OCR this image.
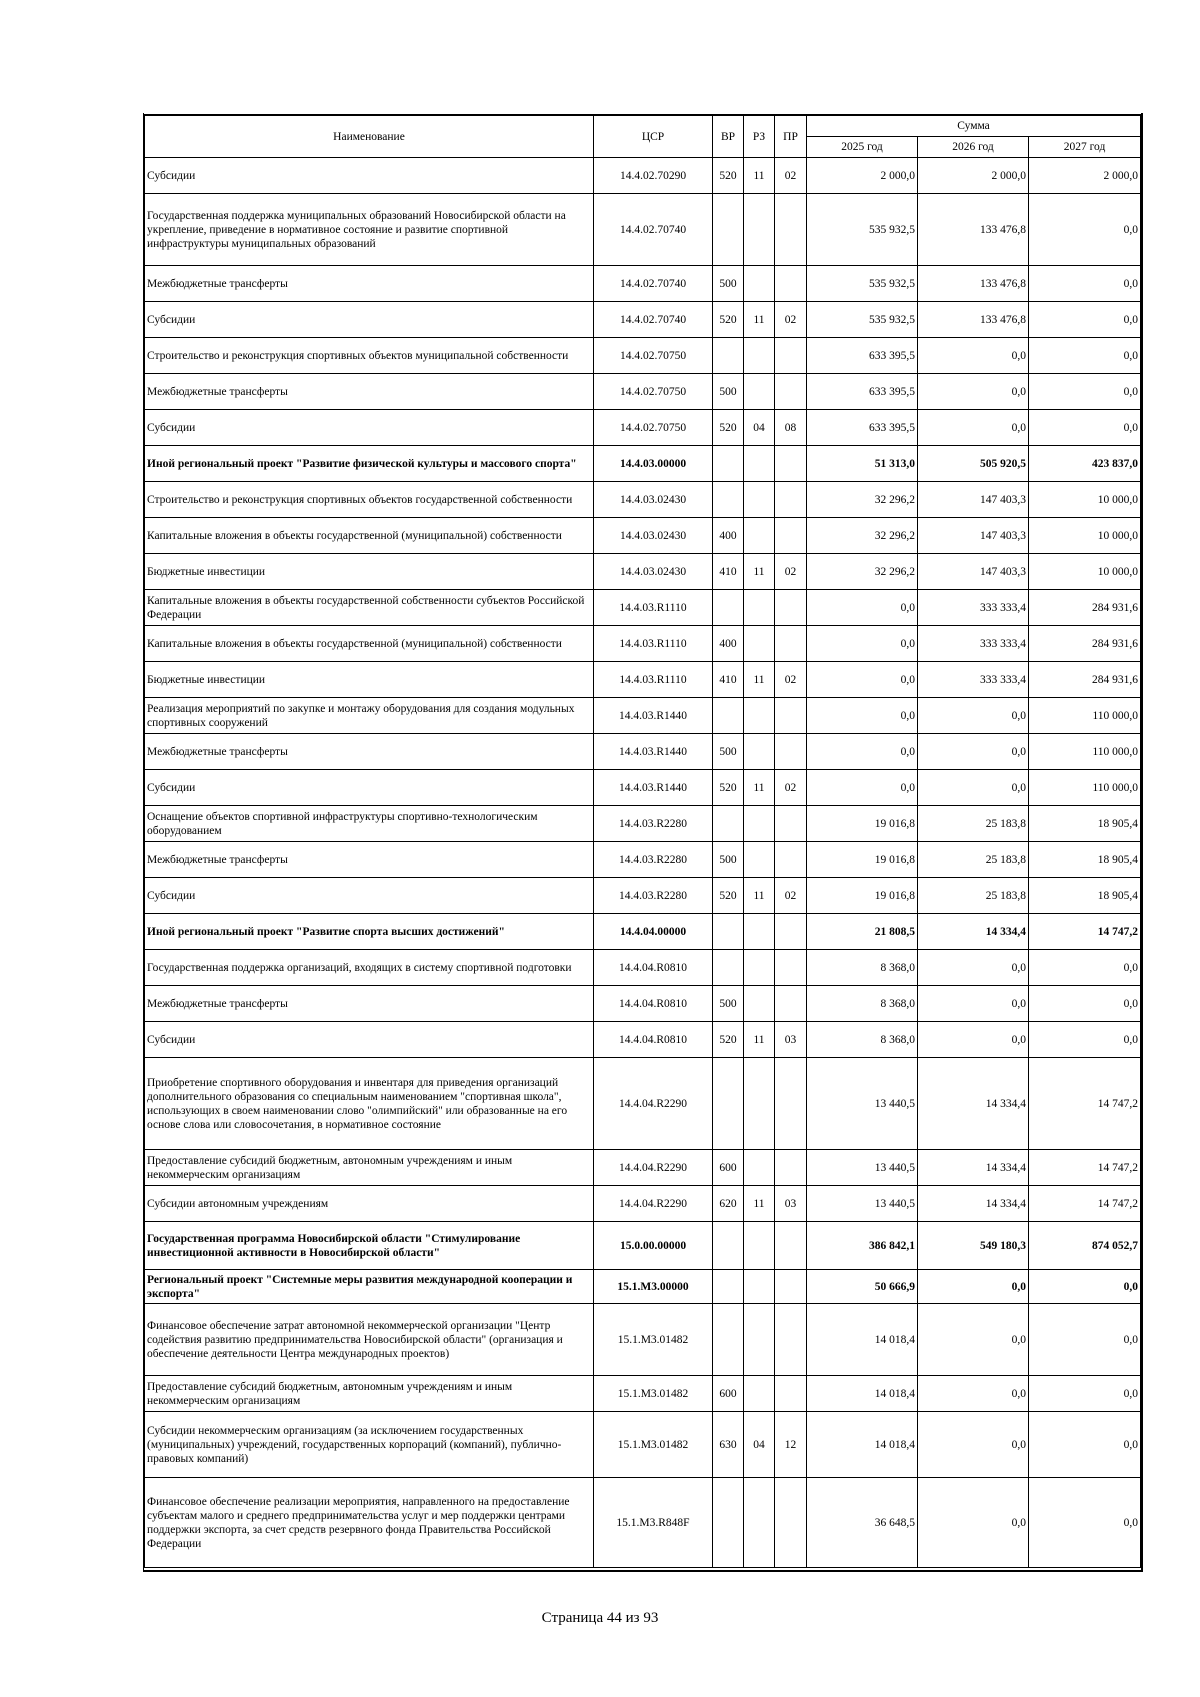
Наименование	ЦСР	ВР	РЗ	ПР	Сумма		
					2025 год	2026 год	2027 год
Субсидии	14.4.02.70290	520	11	02	2 000,0	2 000,0	2 000,0
Государственная поддержка муниципальных образований Новосибирской области на укрепление, приведение в нормативное состояние и развитие спортивной инфраструктуры муниципальных образований	14.4.02.70740				535 932,5	133 476,8	0,0
Межбюджетные трансферты	14.4.02.70740	500			535 932,5	133 476,8	0,0
Субсидии	14.4.02.70740	520	11	02	535 932,5	133 476,8	0,0
Строительство и реконструкция спортивных объектов муниципальной собственности	14.4.02.70750				633 395,5	0,0	0,0
Межбюджетные трансферты	14.4.02.70750	500			633 395,5	0,0	0,0
Субсидии	14.4.02.70750	520	04	08	633 395,5	0,0	0,0
Иной региональный проект "Развитие физической культуры и массового спорта"	14.4.03.00000				51 313,0	505 920,5	423 837,0
Строительство и реконструкция спортивных объектов государственной собственности	14.4.03.02430				32 296,2	147 403,3	10 000,0
Капитальные вложения в объекты государственной (муниципальной) собственности	14.4.03.02430	400			32 296,2	147 403,3	10 000,0
Бюджетные инвестиции	14.4.03.02430	410	11	02	32 296,2	147 403,3	10 000,0
Капитальные вложения в объекты государственной собственности субъектов Российской Федерации	14.4.03.R1110				0,0	333 333,4	284 931,6
Капитальные вложения в объекты государственной (муниципальной) собственности	14.4.03.R1110	400			0,0	333 333,4	284 931,6
Бюджетные инвестиции	14.4.03.R1110	410	11	02	0,0	333 333,4	284 931,6
Реализация мероприятий по закупке и монтажу оборудования для создания модульных спортивных сооружений	14.4.03.R1440				0,0	0,0	110 000,0
Межбюджетные трансферты	14.4.03.R1440	500			0,0	0,0	110 000,0
Субсидии	14.4.03.R1440	520	11	02	0,0	0,0	110 000,0
Оснащение объектов спортивной инфраструктуры спортивно-технологическим оборудованием	14.4.03.R2280				19 016,8	25 183,8	18 905,4
Межбюджетные трансферты	14.4.03.R2280	500			19 016,8	25 183,8	18 905,4
Субсидии	14.4.03.R2280	520	11	02	19 016,8	25 183,8	18 905,4
Иной региональный проект "Развитие спорта высших достижений"	14.4.04.00000				21 808,5	14 334,4	14 747,2
Государственная поддержка организаций, входящих в систему спортивной подготовки	14.4.04.R0810				8 368,0	0,0	0,0
Межбюджетные трансферты	14.4.04.R0810	500			8 368,0	0,0	0,0
Субсидии	14.4.04.R0810	520	11	03	8 368,0	0,0	0,0
Приобретение спортивного оборудования и инвентаря для приведения организаций дополнительного образования со специальным наименованием "спортивная школа", использующих в своем наименовании слово "олимпийский" или образованные на его основе слова или словосочетания, в нормативное состояние	14.4.04.R2290				13 440,5	14 334,4	14 747,2
Предоставление субсидий бюджетным, автономным учреждениям и иным некоммерческим организациям	14.4.04.R2290	600			13 440,5	14 334,4	14 747,2
Субсидии автономным учреждениям	14.4.04.R2290	620	11	03	13 440,5	14 334,4	14 747,2
Государственная программа Новосибирской области "Стимулирование инвестиционной активности в Новосибирской области"	15.0.00.00000				386 842,1	549 180,3	874 052,7
Региональный проект "Системные меры развития международной кооперации и экспорта"	15.1.М3.00000				50 666,9	0,0	0,0
Финансовое обеспечение затрат автономной некоммерческой организации "Центр содействия развитию предпринимательства Новосибирской области" (организация и обеспечение деятельности Центра международных проектов)	15.1.М3.01482				14 018,4	0,0	0,0
Предоставление субсидий бюджетным, автономным учреждениям и иным некоммерческим организациям	15.1.М3.01482	600			14 018,4	0,0	0,0
Субсидии некоммерческим организациям (за исключением государственных (муниципальных) учреждений, государственных корпораций (компаний), публично-правовых компаний)	15.1.М3.01482	630	04	12	14 018,4	0,0	0,0
Финансовое обеспечение реализации мероприятия, направленного на предоставление субъектам малого и среднего предпринимательства услуг и мер поддержки центрами поддержки экспорта, за счет средств резервного фонда Правительства Российской Федерации	15.1.М3.R848F				36 648,5	0,0	0,0
Страница 44 из 93
